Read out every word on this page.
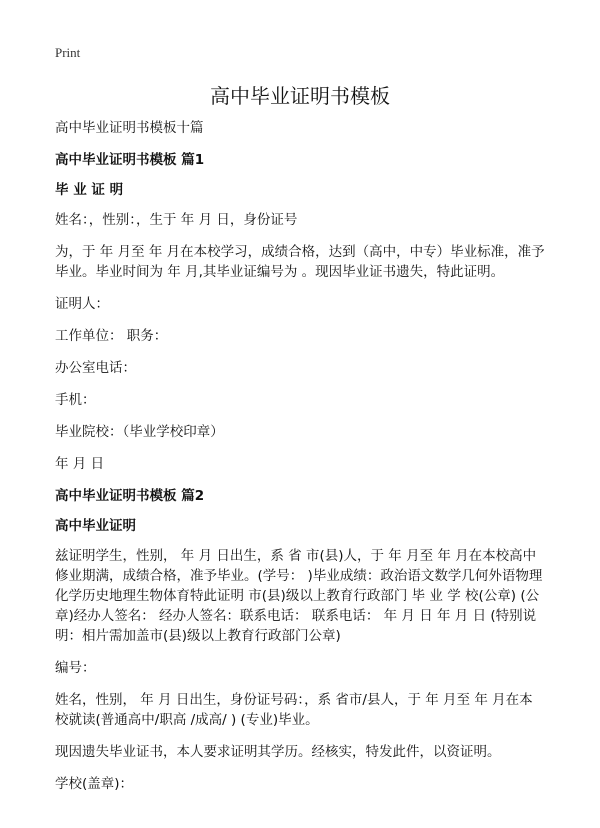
Print
高中毕业证明书模板

高中毕业证明书模板十篇

高中毕业证明书模板 篇1

毕 业 证 明

姓名：，性别：，生于 年 月 日，身份证号

为，于 年 月至 年 月在本校学习，成绩合格，达到（高中，中专）毕业标准，准予毕业。毕业时间为 年 月,其毕业证编号为 。现因毕业证书遗失，特此证明。

证明人：

工作单位： 职务：

办公室电话：

手机：

毕业院校：（毕业学校印章）

年 月 日

高中毕业证明书模板 篇2

高中毕业证明

兹证明学生，性别， 年 月 日出生，系 省 市(县)人，于 年 月至 年 月在本校高中修业期满，成绩合格，准予毕业。(学号： )毕业成绩：政治语文数学几何外语物理化学历史地理生物体育特此证明 市(县)级以上教育行政部门 毕 业 学 校(公章) (公章)经办人签名： 经办人签名：联系电话： 联系电话： 年 月 日 年 月 日 (特别说明：相片需加盖市(县)级以上教育行政部门公章)

编号：

姓名，性别， 年 月 日出生，身份证号码：，系 省市/县人，于 年 月至 年 月在本校就读(普通高中/职高 /成高/ ) (专业)毕业。

现因遗失毕业证书，本人要求证明其学历。经核实，特发此件，以资证明。

学校(盖章)：
